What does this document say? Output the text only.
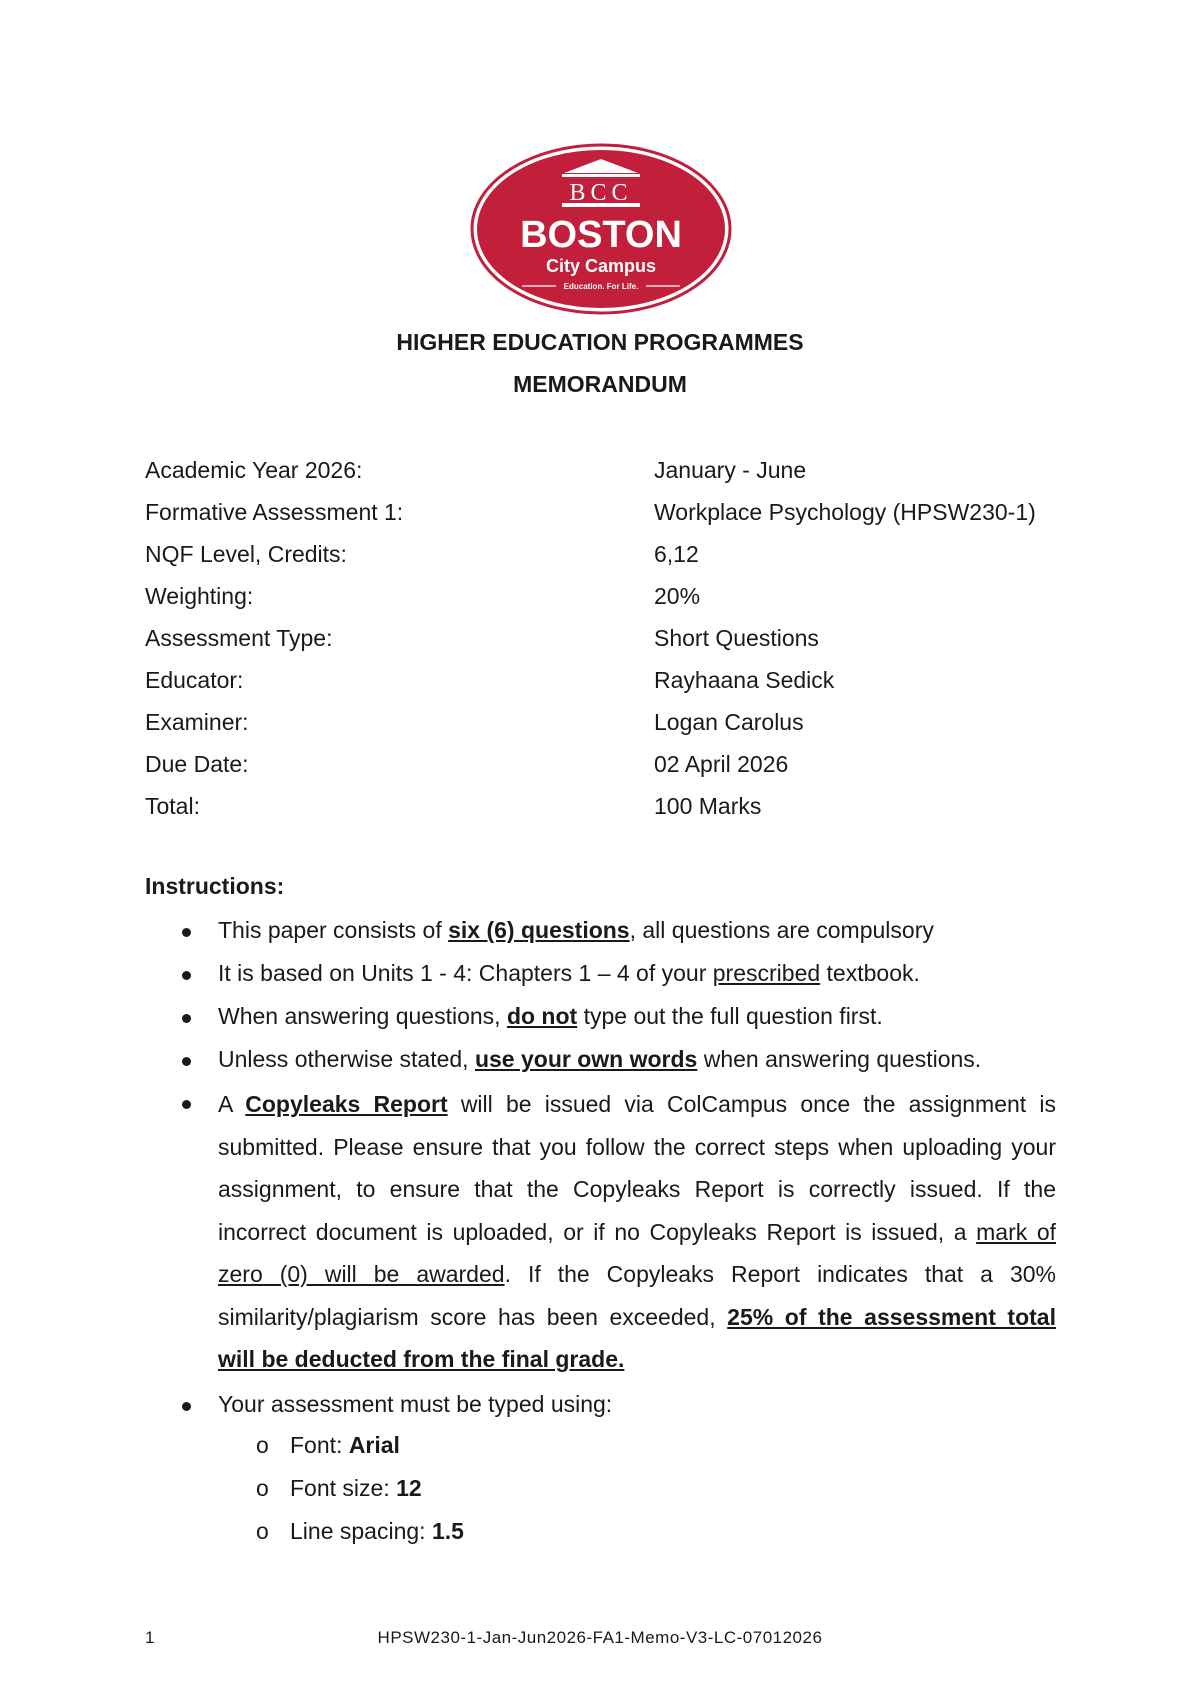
BCC
BOSTON
City Campus
Education. For Life.
HIGHER EDUCATION PROGRAMMES
MEMORANDUM
Academic Year 2026:	January - June
Formative Assessment 1:	Workplace Psychology (HPSW230-1)
NQF Level, Credits:	6,12
Weighting:	20%
Assessment Type:	Short Questions
Educator:	Rayhaana Sedick
Examiner:	Logan Carolus
Due Date:	02 April 2026
Total:	100 Marks
Instructions:
This paper consists of six (6) questions, all questions are compulsory
It is based on Units 1 - 4: Chapters 1 – 4 of your prescribed textbook.
When answering questions, do not type out the full question first.
Unless otherwise stated, use your own words when answering questions.
A Copyleaks Report will be issued via ColCampus once the assignment is
submitted. Please ensure that you follow the correct steps when uploading your
assignment, to ensure that the Copyleaks Report is correctly issued. If the
incorrect document is uploaded, or if no Copyleaks Report is issued, a mark of
zero (0) will be awarded. If the Copyleaks Report indicates that a 30%
similarity/plagiarism score has been exceeded, 25% of the assessment total
will be deducted from the final grade.
Your assessment must be typed using:
o Font: Arial
o Font size: 12
o Line spacing: 1.5
1	HPSW230-1-Jan-Jun2026-FA1-Memo-V3-LC-07012026
